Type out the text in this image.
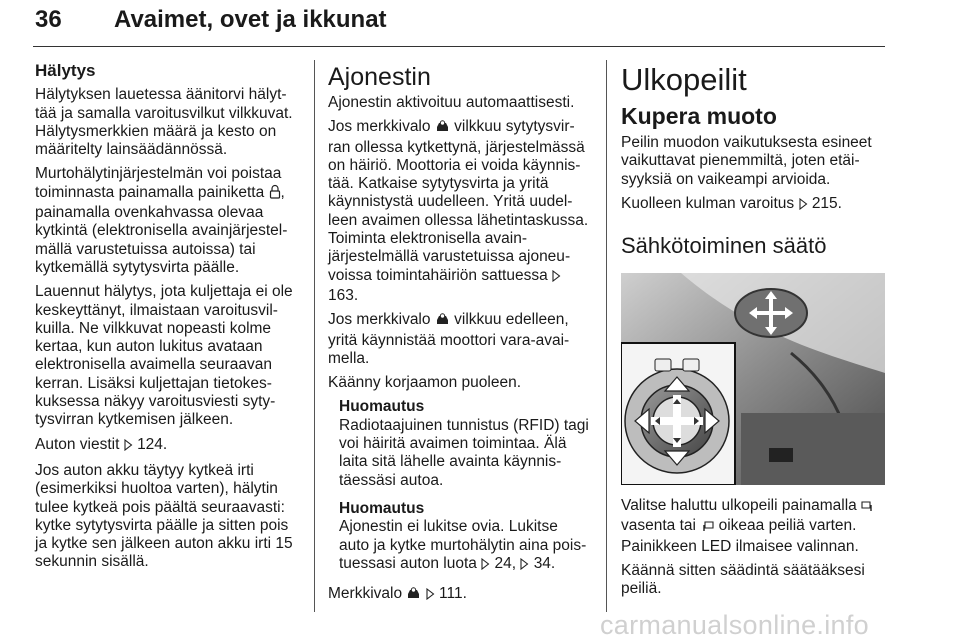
36 Avaimet, ovet ja ikkunat
Hälytys

Hälytyksen lauetessa äänitorvi hälyttää ja samalla varoitusvilkut vilkkuvat. Hälytysmerkkien määrä ja kesto on määritelty lainsäädännössä.

Murtohälytinjärjestelmän voi poistaa toiminnasta painamalla painiketta , painamalla ovenkahvassa olevaa kytkintä (elektronisella avainjärjestelmällä varustetuissa autoissa) tai kytkemällä sytytysvirta päälle.

Lauennut hälytys, jota kuljettaja ei ole keskeyttänyt, ilmaistaan varoitusvilkuilla. Ne vilkkuvat nopeasti kolme kertaa, kun auton lukitus avataan elektronisella avaimella seuraavan kerran. Lisäksi kuljettajan tietokeskuksessa näkyy varoitusviesti sytytysvirran kytkemisen jälkeen.

Auton viestit 124.

Jos auton akku täytyy kytkeä irti (esimerkiksi huoltoa varten), hälytin tulee kytkeä pois päältä seuraavasti: kytke sytytysvirta päälle ja sitten pois ja kytke sen jälkeen auton akku irti 15 sekunnin sisällä.

Ajonestin

Ajonestin aktivoituu automaattisesti.

Jos merkkivalo vilkkuu sytytysvirran ollessa kytkettynä, järjestelmässä on häiriö. Moottoria ei voida käynnistää. Katkaise sytytysvirta ja yritä käynnistystä uudelleen. Yritä uudelleen avaimen ollessa lähetintaskussa. Toiminta elektronisella avainjärjestelmällä varustetuissa ajoneuvoissa toimintahäiriön sattuessa  163.

Jos merkkivalo vilkkuu edelleen, yritä käynnistää moottori vara-avaimella.

Käänny korjaamon puoleen.

Huomautus
Radiotaajuinen tunnistus (RFID) tagi voi häiritä avaimen toimintaa. Älä laita sitä lähelle avainta käynnistäessäsi autoa.
Huomautus
Ajonestin ei lukitse ovia. Lukitse auto ja kytke murtohälytin aina poistuessasi auton luota 24, 34.

Merkkivalo 111.

Ulkopeilit
Kupera muoto

Peilin muodon vaikutuksesta esineet vaikuttavat pienemmiltä, joten etäisyyksiä on vaikeampi arvioida.

Kuolleen kulman varoitus 215.

Sähkötoiminen säätö

Valitse haluttu ulkopeili painamalla  vasenta tai oikeaa peiliä varten. Painikkeen LED ilmaisee valinnan.

Käännä sitten säädintä säätääksesi peiliä.

carmanualsonline.info
